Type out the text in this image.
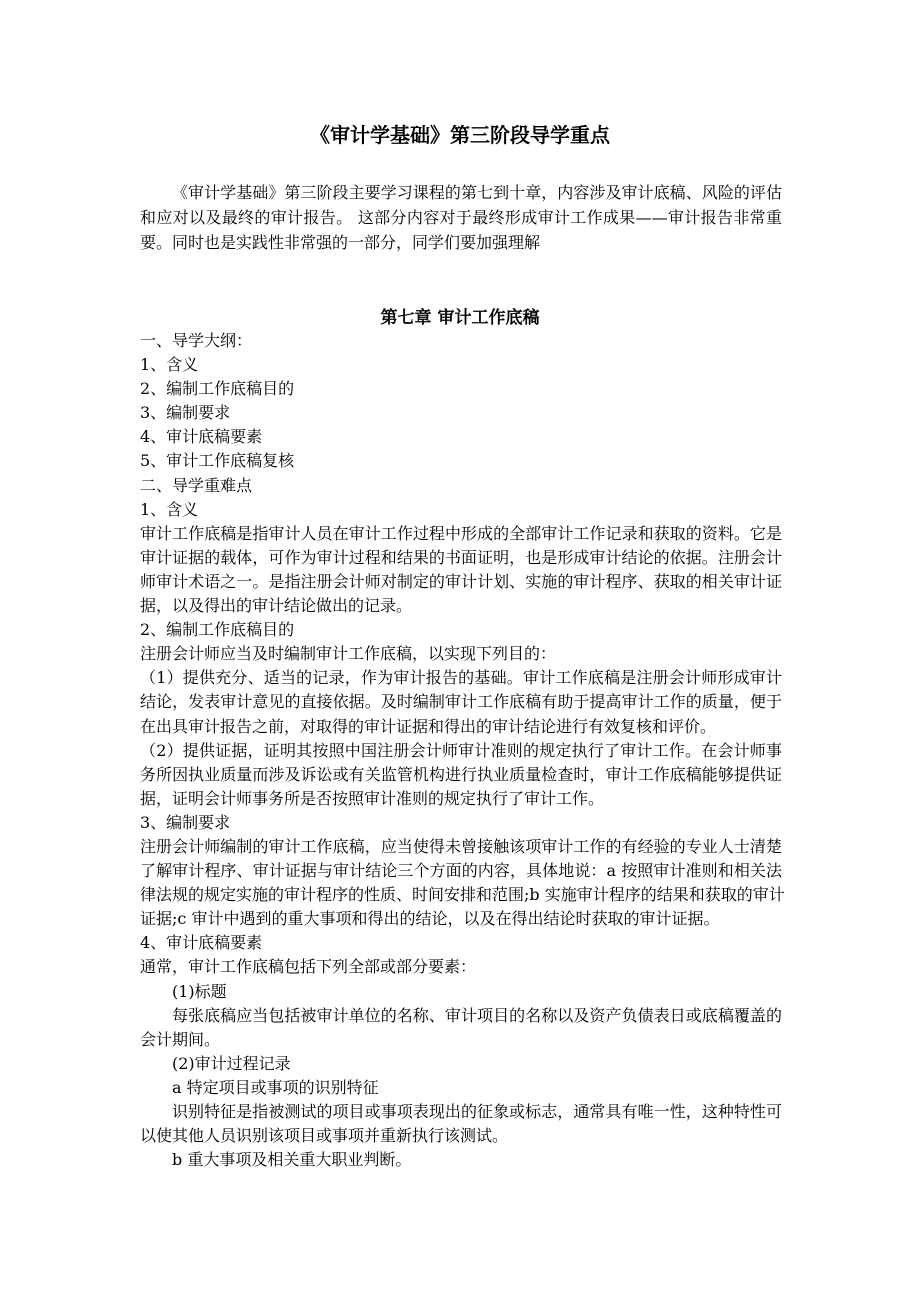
《审计学基础》第三阶段导学重点
《审计学基础》第三阶段主要学习课程的第七到十章，内容涉及审计底稿、风险的评估
和应对以及最终的审计报告。 这部分内容对于最终形成审计工作成果——审计报告非常重
要。同时也是实践性非常强的一部分，同学们要加强理解
第七章 审计工作底稿
一、导学大纲：
1、含义
2、编制工作底稿目的
3、编制要求
4、审计底稿要素
5、审计工作底稿复核
二、导学重难点
1、含义
审计工作底稿是指审计人员在审计工作过程中形成的全部审计工作记录和获取的资料。它是
审计证据的载体，可作为审计过程和结果的书面证明，也是形成审计结论的依据。注册会计
师审计术语之一。是指注册会计师对制定的审计计划、实施的审计程序、获取的相关审计证
据，以及得出的审计结论做出的记录。
2、编制工作底稿目的
注册会计师应当及时编制审计工作底稿，以实现下列目的：
（1）提供充分、适当的记录，作为审计报告的基础。审计工作底稿是注册会计师形成审计
结论，发表审计意见的直接依据。及时编制审计工作底稿有助于提高审计工作的质量，便于
在出具审计报告之前，对取得的审计证据和得出的审计结论进行有效复核和评价。
（2）提供证据，证明其按照中国注册会计师审计准则的规定执行了审计工作。在会计师事
务所因执业质量而涉及诉讼或有关监管机构进行执业质量检查时，审计工作底稿能够提供证
据，证明会计师事务所是否按照审计准则的规定执行了审计工作。
3、编制要求
注册会计师编制的审计工作底稿，应当使得未曾接触该项审计工作的有经验的专业人士清楚
了解审计程序、审计证据与审计结论三个方面的内容，具体地说：a 按照审计准则和相关法
律法规的规定实施的审计程序的性质、时间安排和范围;b 实施审计程序的结果和获取的审计
证据;c 审计中遇到的重大事项和得出的结论，以及在得出结论时获取的审计证据。
4、审计底稿要素
通常，审计工作底稿包括下列全部或部分要素：
(1)标题
每张底稿应当包括被审计单位的名称、审计项目的名称以及资产负债表日或底稿覆盖的
会计期间。
(2)审计过程记录
a 特定项目或事项的识别特征
识别特征是指被测试的项目或事项表现出的征象或标志，通常具有唯一性，这种特性可
以使其他人员识别该项目或事项并重新执行该测试。
b 重大事项及相关重大职业判断。
